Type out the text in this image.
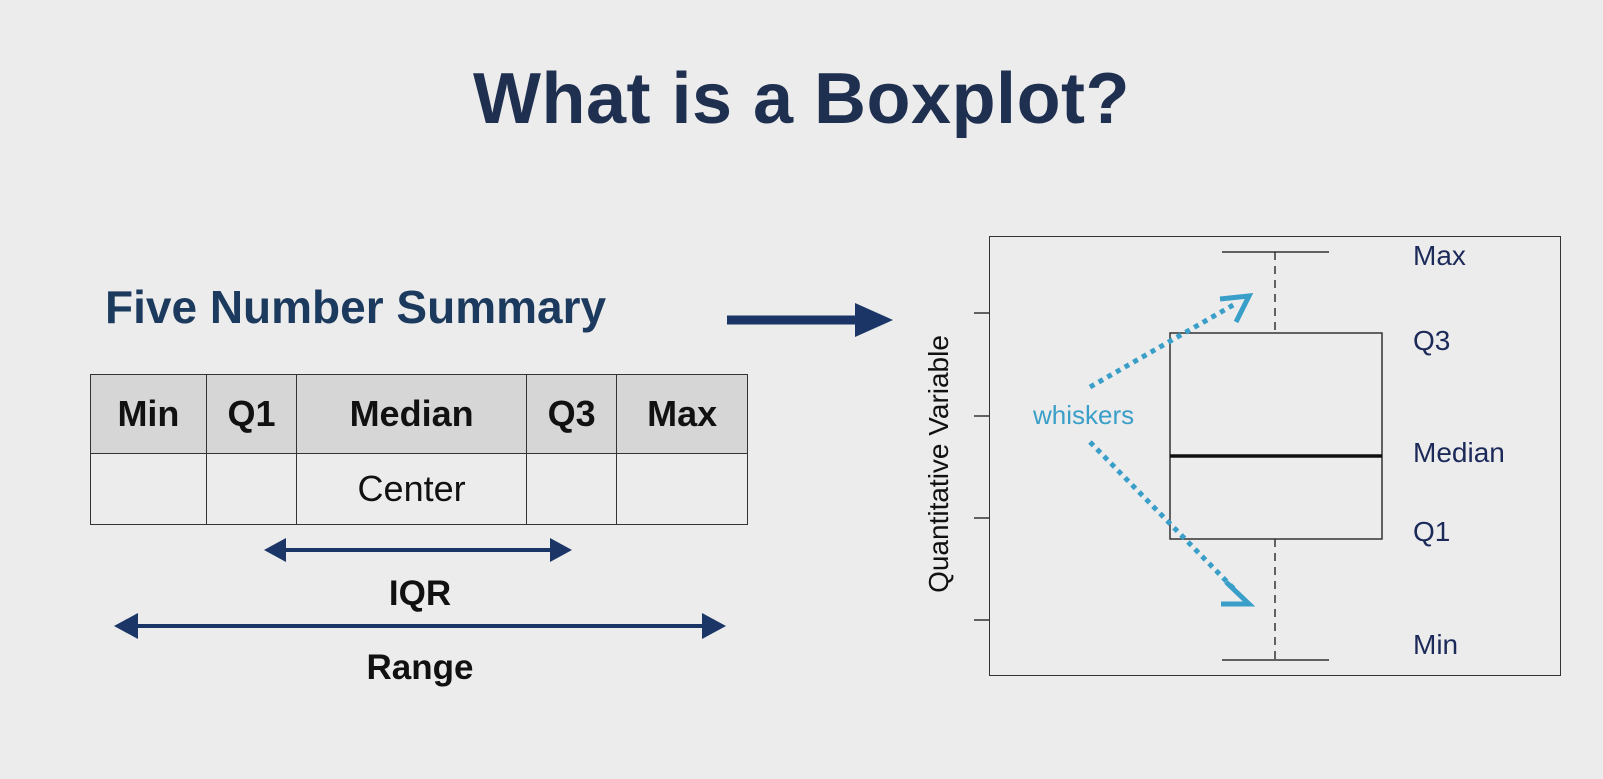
What is a Boxplot?
Five Number Summary
Min	Q1	Median	Q3	Max
		Center		
IQR
Range
Quantitative Variable	whiskers
Max
Q3
Median
Q1
Min
